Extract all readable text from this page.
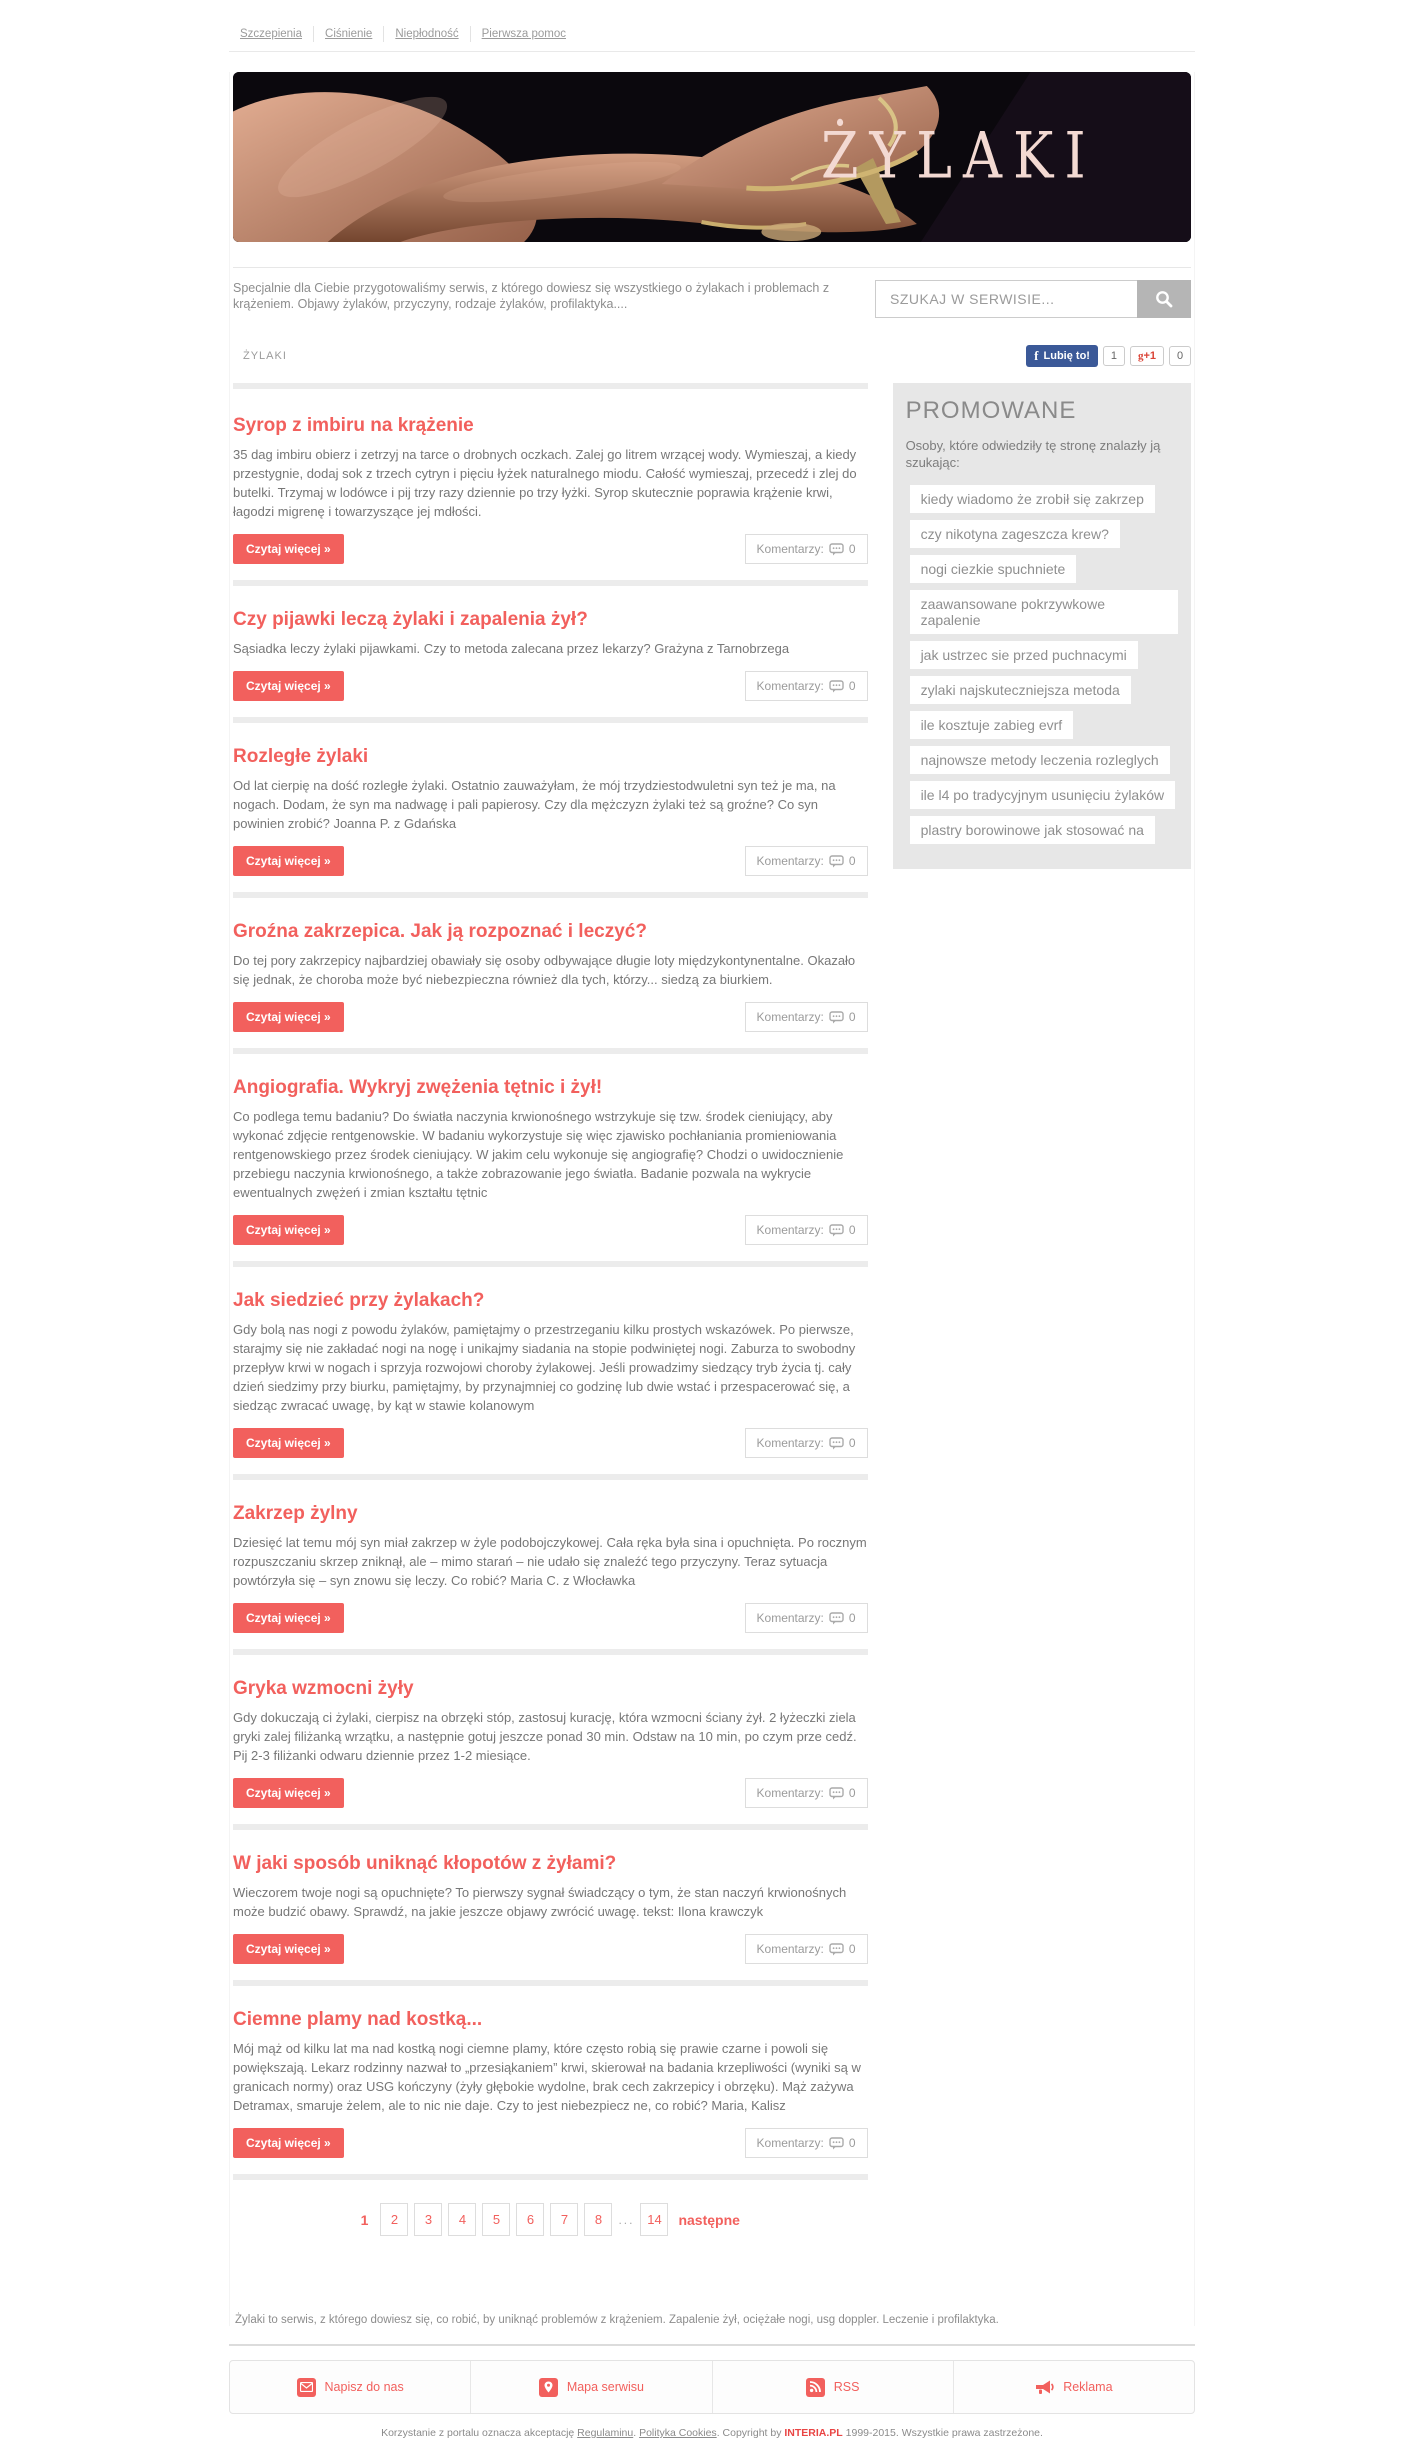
Szczepienia	Ciśnienie	Niepłodność	Pierwsza pomoc
ŻYLAKI

Specjalnie dla Ciebie przygotowaliśmy serwis, z którego dowiesz się wszystkiego o żylakach i problemach z krążeniem. Objawy żylaków, przyczyny, rodzaje żylaków, profilaktyka....

SZUKAJ W SERWISIE...
ŻYLAKI	f Lubię to!	1	g+1	0
Syrop z imbiru na krążenie

35 dag imbiru obierz i zetrzyj na tarce o drobnych oczkach. Zalej go litrem wrzącej wody. Wymieszaj, a kiedy przestygnie, dodaj sok z trzech cytryn i pięciu łyżek naturalnego miodu. Całość wymieszaj, przecedź i zlej do butelki. Trzymaj w lodówce i pij trzy razy dziennie po trzy łyżki. Syrop skutecznie poprawia krążenie krwi, łagodzi migrenę i towarzyszące jej mdłości.

Czytaj więcej »	Komentarzy: 0
Czy pijawki leczą żylaki i zapalenia żył?

Sąsiadka leczy żylaki pijawkami. Czy to metoda zalecana przez lekarzy? Grażyna z Tarnobrzega

Czytaj więcej »	Komentarzy: 0
Rozległe żylaki

Od lat cierpię na dość rozległe żylaki. Ostatnio zauważyłam, że mój trzydziestodwuletni syn też je ma, na nogach. Dodam, że syn ma nadwagę i pali papierosy. Czy dla mężczyzn żylaki też są groźne? Co syn powinien zrobić? Joanna P. z Gdańska

Czytaj więcej »	Komentarzy: 0
Groźna zakrzepica. Jak ją rozpoznać i leczyć?

Do tej pory zakrzepicy najbardziej obawiały się osoby odbywające długie loty międzykontynentalne. Okazało się jednak, że choroba może być niebezpieczna również dla tych, którzy... siedzą za biurkiem.

Czytaj więcej »	Komentarzy: 0
Angiografia. Wykryj zwężenia tętnic i żył!

Co podlega temu badaniu? Do światła naczynia krwionośnego wstrzykuje się tzw. środek cieniujący, aby wykonać zdjęcie rentgenowskie. W badaniu wykorzystuje się więc zjawisko pochłaniania promieniowania rentgenowskiego przez środek cieniujący. W jakim celu wykonuje się angiografię? Chodzi o uwidocznienie przebiegu naczynia krwionośnego, a także zobrazowanie jego światła. Badanie pozwala na wykrycie ewentualnych zwężeń i zmian kształtu tętnic

Czytaj więcej »	Komentarzy: 0
Jak siedzieć przy żylakach?

Gdy bolą nas nogi z powodu żylaków, pamiętajmy o przestrzeganiu kilku prostych wskazówek. Po pierwsze, starajmy się nie zakładać nogi na nogę i unikajmy siadania na stopie podwiniętej nogi. Zaburza to swobodny przepływ krwi w nogach i sprzyja rozwojowi choroby żylakowej. Jeśli prowadzimy siedzący tryb życia tj. cały dzień siedzimy przy biurku, pamiętajmy, by przynajmniej co godzinę lub dwie wstać i przespacerować się, a siedząc zwracać uwagę, by kąt w stawie kolanowym

Czytaj więcej »	Komentarzy: 0
Zakrzep żylny

Dziesięć lat temu mój syn miał zakrzep w żyle podobojczykowej. Cała ręka była sina i opuchnięta. Po rocznym rozpuszczaniu skrzep zniknął, ale – mimo starań – nie udało się znaleźć tego przyczyny. Teraz sytuacja powtórzyła się – syn znowu się leczy. Co robić? Maria C. z Włocławka

Czytaj więcej »	Komentarzy: 0
Gryka wzmocni żyły

Gdy dokuczają ci żylaki, cierpisz na obrzęki stóp, zastosuj kurację, która wzmocni ściany żył. 2 łyżeczki ziela gryki zalej filiżanką wrzątku, a następnie gotuj jeszcze ponad 30 min. Odstaw na 10 min, po czym prze cedź. Pij 2-3 filiżanki odwaru dziennie przez 1-2 miesiące.

Czytaj więcej »	Komentarzy: 0
W jaki sposób uniknąć kłopotów z żyłami?

Wieczorem twoje nogi są opuchnięte? To pierwszy sygnał świadczący o tym, że stan naczyń krwionośnych może budzić obawy. Sprawdź, na jakie jeszcze objawy zwrócić uwagę. tekst: Ilona krawczyk

Czytaj więcej »	Komentarzy: 0
Ciemne plamy nad kostką...

Mój mąż od kilku lat ma nad kostką nogi ciemne plamy, które często robią się prawie czarne i powoli się powiększają. Lekarz rodzinny nazwał to „przesiąkaniem” krwi, skierował na badania krzepliwości (wyniki są w granicach normy) oraz USG kończyny (żyły głębokie wydolne, brak cech zakrzepicy i obrzęku). Mąż zażywa Detramax, smaruje żelem, ale to nic nie daje. Czy to jest niebezpiecz ne, co robić? Maria, Kalisz

Czytaj więcej »	Komentarzy: 0
1	2	3	4	5	6	7	8	... 14	następne
PROMOWANE

Osoby, które odwiedziły tę stronę znalazły ją szukając:

kiedy wiadomo że zrobił się zakrzep
czy nikotyna zageszcza krew?
nogi ciezkie spuchniete
zaawansowane pokrzywkowe zapalenie
jak ustrzec sie przed puchnacymi
zylaki najskuteczniejsza metoda
ile kosztuje zabieg evrf
najnowsze metody leczenia rozleglych
ile l4 po tradycyjnym usunięciu żylaków
plastry borowinowe jak stosować na

Żylaki to serwis, z którego dowiesz się, co robić, by uniknąć problemów z krążeniem. Zapalenie żył, ociężałe nogi, usg doppler. Leczenie i profilaktyka.

Napisz do nas	Mapa serwisu	RSS	Reklama

Korzystanie z portalu oznacza akceptację Regulaminu. Polityka Cookies. Copyright by INTERIA.PL 1999-2015. Wszystkie prawa zastrzeżone.
